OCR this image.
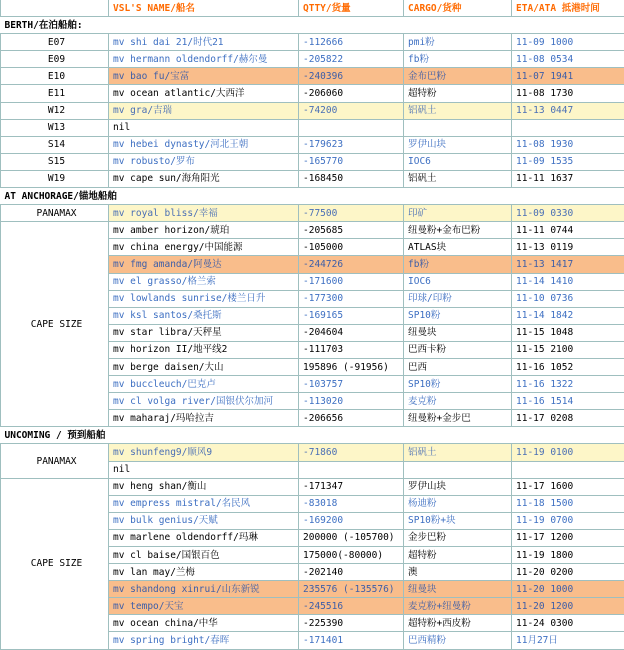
	VSL'S NAME/船名	QTTY/货量	CARGO/货种	ETA/ATA 抵港时间
BERTH/在泊船舶:				
E07	mv shi dai 21/时代21	-112666	pmi粉	11-09 1000
E09	mv hermann oldendorff/赫尔曼	-205822	fb粉	11-08 0534
E10	mv bao fu/宝富	-240396	金布巴粉	11-07 1941
E11	mv ocean atlantic/大西洋	-206060	超特粉	11-08 1730
W12	mv gra/吉瑞	-74200	铝矾土	11-13 0447
W13	nil			
S14	mv hebei dynasty/河北王朝	-179623	罗伊山块	11-08 1930
S15	mv robusto/罗布	-165770	IOC6	11-09 1535
W19	mv cape sun/海角阳光	-168450	铝矾土	11-11 1637
AT ANCHORAGE/锚地船舶				
PANAMAX	mv royal bliss/幸福	-77500	印矿	11-09 0330
CAPE SIZE	mv amber horizon/琥珀	-205685	纽曼粉+金布巴粉	11-11 0744
	mv china energy/中国能源	-105000	ATLAS块	11-13 0119
	mv fmg amanda/阿曼达	-244726	fb粉	11-13 1417
	mv el grasso/格兰索	-171600	IOC6	11-14 1410
	mv lowlands sunrise/楼兰日升	-177300	印球/印粉	11-10 0736
	mv ksl santos/桑托斯	-169165	SP10粉	11-14 1842
	mv star libra/天秤星	-204604	纽曼块	11-15 1048
	mv horizon II/地平线2	-111703	巴西卡粉	11-15 2100
	mv berge daisen/大山	195896 (-91956)	巴西	11-16 1052
	mv buccleuch/巴克卢	-103757	SP10粉	11-16 1322
	mv cl volga river/国银伏尔加河	-113020	麦克粉	11-16 1514
	mv maharaj/玛哈拉吉	-206656	纽曼粉+金步巴	11-17 0208
UNCOMING / 预到船舶				
PANAMAX	mv shunfeng9/顺风9	-71860	铝矾土	11-19 0100
	nil			
CAPE SIZE	mv heng shan/衡山	-171347	罗伊山块	11-17 1600
	mv empress mistral/名民风	-83018	杨迪粉	11-18 1500
	mv bulk genius/天赋	-169200	SP10粉+块	11-19 0700
	mv marlene oldendorff/玛琳	200000 (-105700)	金步巴粉	11-17 1200
	mv cl baise/国银百色	175000(-80000)	超特粉	11-19 1800
	mv lan may/兰梅	-202140	澳	11-20 0200
	mv shandong xinrui/山东新锐	235576 (-135576)	纽曼块	11-20 1000
	mv tempo/天宝	-245516	麦克粉+纽曼粉	11-20 1200
	mv ocean china/中华	-225390	超特粉+西皮粉	11-24 0300
	mv spring bright/春晖	-171401	巴西精粉	11月27日
